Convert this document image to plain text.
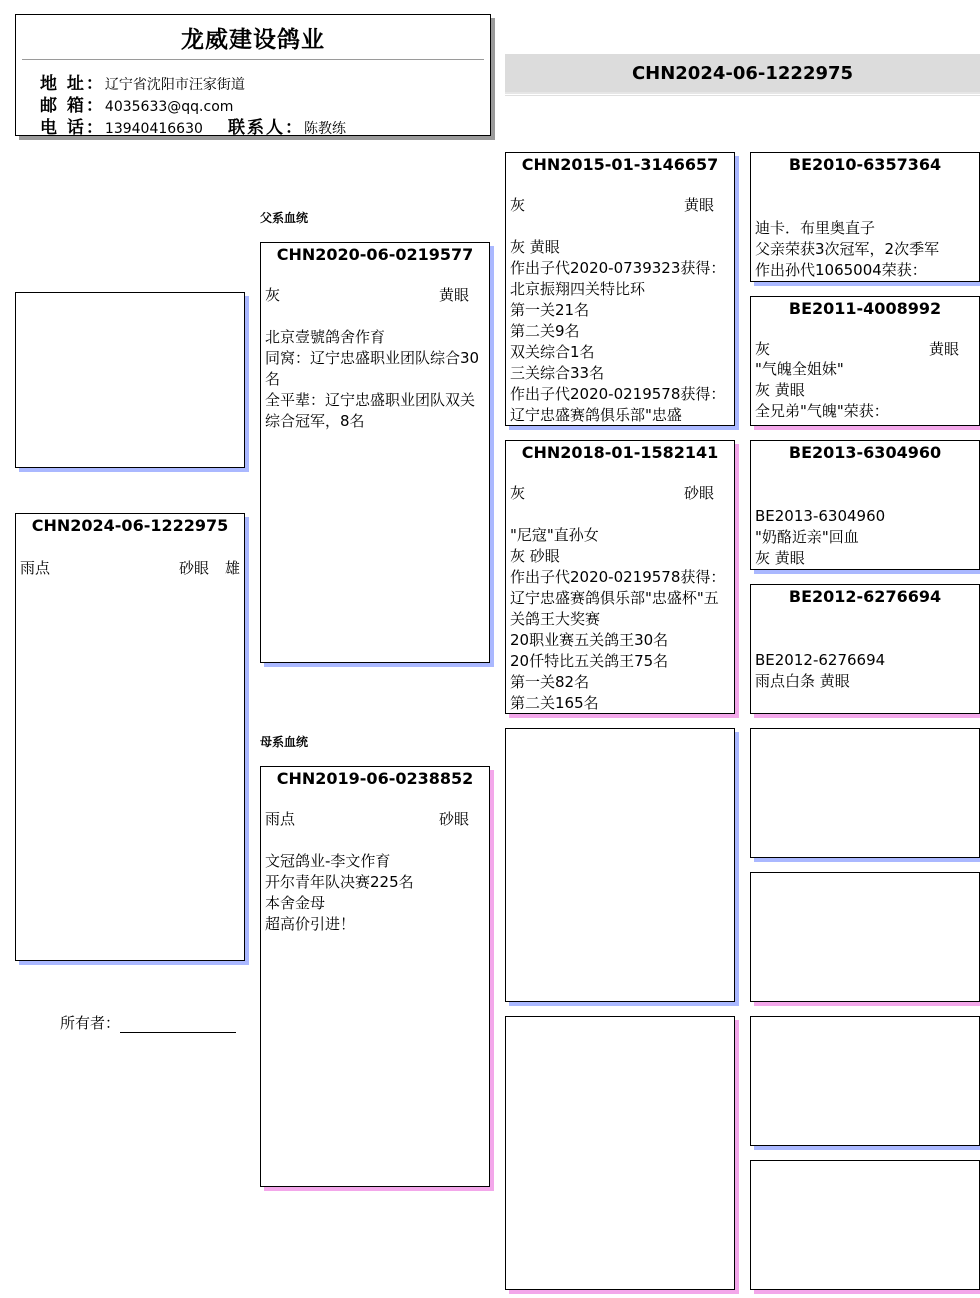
龙威建设鸽业
地 址：辽宁省沈阳市汪家街道
邮 箱：4035633@qq.com
电 话：13940416630 联系人：陈教练
CHN2024-06-1222975
CHN2024-06-1222975
雨点	砂眼 雄
所有者：
父系血统
母系血统
CHN2020-06-0219577
灰	黄眼
北京壹號鸽舍作育
同窝：辽宁忠盛职业团队综合30名
全平辈：辽宁忠盛职业团队双关综合冠军，8名
CHN2019-06-0238852
雨点	砂眼
文冠鸽业-李文作育
开尔青年队决赛225名
本舍金母
超高价引进！
CHN2015-01-3146657
灰	黄眼
灰 黄眼
作出子代2020-0739323获得：
北京振翔四关特比环
第一关21名
第二关9名
双关综合1名
三关综合33名
作出子代2020-0219578获得：
辽宁忠盛赛鸽俱乐部"忠盛
CHN2018-01-1582141
灰	砂眼
"尼寇"直孙女
灰 砂眼
作出子代2020-0219578获得：
辽宁忠盛赛鸽俱乐部"忠盛杯"五关鸽王大奖赛
20职业赛五关鸽王30名
20仟特比五关鸽王75名
第一关82名
第二关165名
BE2010-6357364
迪卡．布里奥直子
父亲荣获3次冠军，2次季军
作出孙代1065004荣获：
BE2011-4008992
灰	黄眼
"气魄全姐妹"
灰 黄眼
全兄弟"气魄"荣获：
BE2013-6304960
BE2013-6304960
"奶酪近亲"回血
灰 黄眼
BE2012-6276694
BE2012-6276694
雨点白条 黄眼
